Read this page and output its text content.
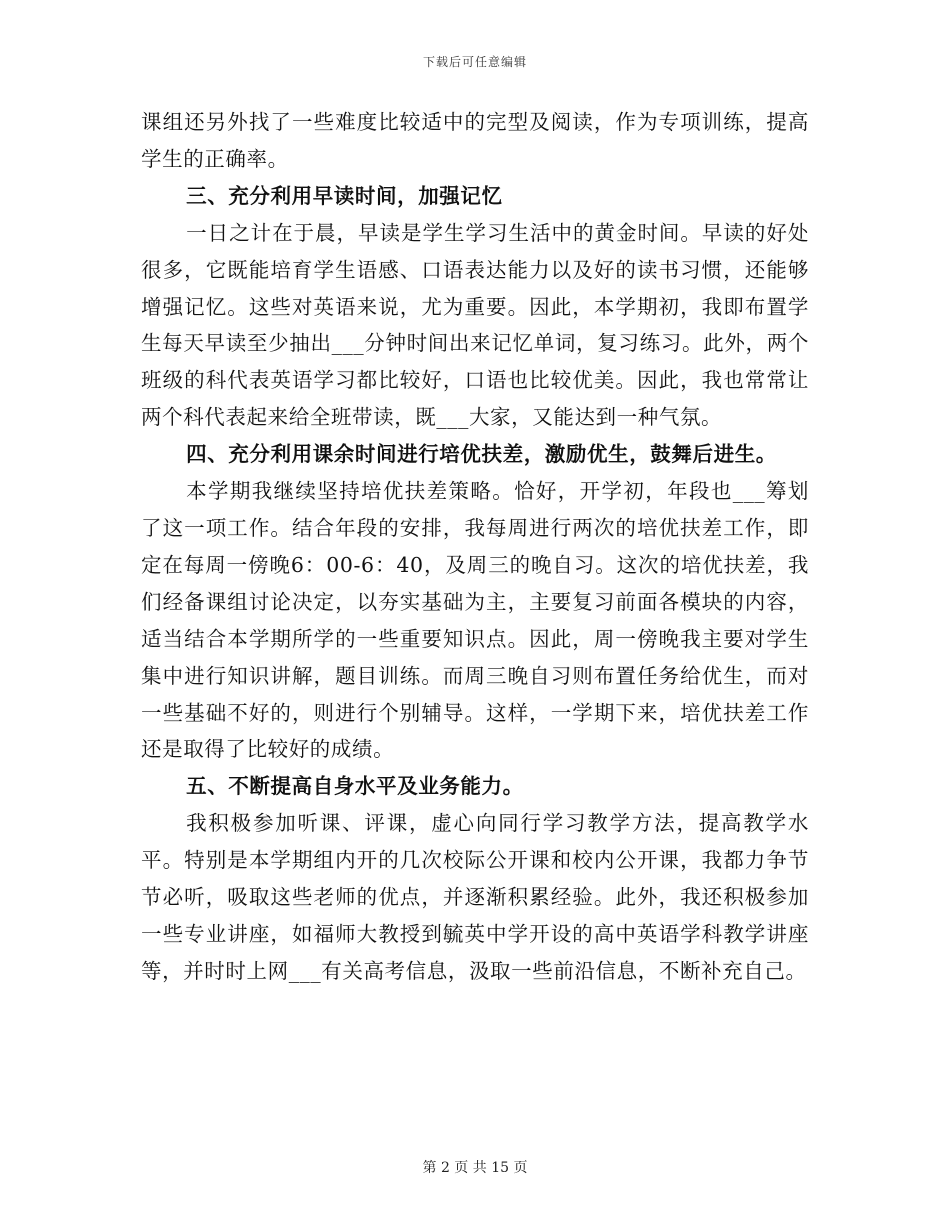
下载后可任意编辑

课组还另外找了一些难度比较适中的完型及阅读，作为专项训练，提高学生的正确率。

三、充分利用早读时间，加强记忆

一日之计在于晨，早读是学生学习生活中的黄金时间。早读的好处很多，它既能培育学生语感、口语表达能力以及好的读书习惯，还能够增强记忆。这些对英语来说，尤为重要。因此，本学期初，我即布置学生每天早读至少抽出___分钟时间出来记忆单词，复习练习。此外，两个班级的科代表英语学习都比较好，口语也比较优美。因此，我也常常让两个科代表起来给全班带读，既___大家，又能达到一种气氛。

四、充分利用课余时间进行培优扶差，激励优生，鼓舞后进生。

本学期我继续坚持培优扶差策略。恰好，开学初，年段也___筹划了这一项工作。结合年段的安排，我每周进行两次的培优扶差工作，即定在每周一傍晚6：00-6：40，及周三的晚自习。这次的培优扶差，我们经备课组讨论决定，以夯实基础为主，主要复习前面各模块的内容，适当结合本学期所学的一些重要知识点。因此，周一傍晚我主要对学生集中进行知识讲解，题目训练。而周三晚自习则布置任务给优生，而对一些基础不好的，则进行个别辅导。这样，一学期下来，培优扶差工作还是取得了比较好的成绩。

五、不断提高自身水平及业务能力。

我积极参加听课、评课，虚心向同行学习教学方法，提高教学水平。特别是本学期组内开的几次校际公开课和校内公开课，我都力争节节必听，吸取这些老师的优点，并逐渐积累经验。此外，我还积极参加一些专业讲座，如福师大教授到毓英中学开设的高中英语学科教学讲座等，并时时上网___有关高考信息，汲取一些前沿信息，不断补充自己。

第 2 页 共 15 页
